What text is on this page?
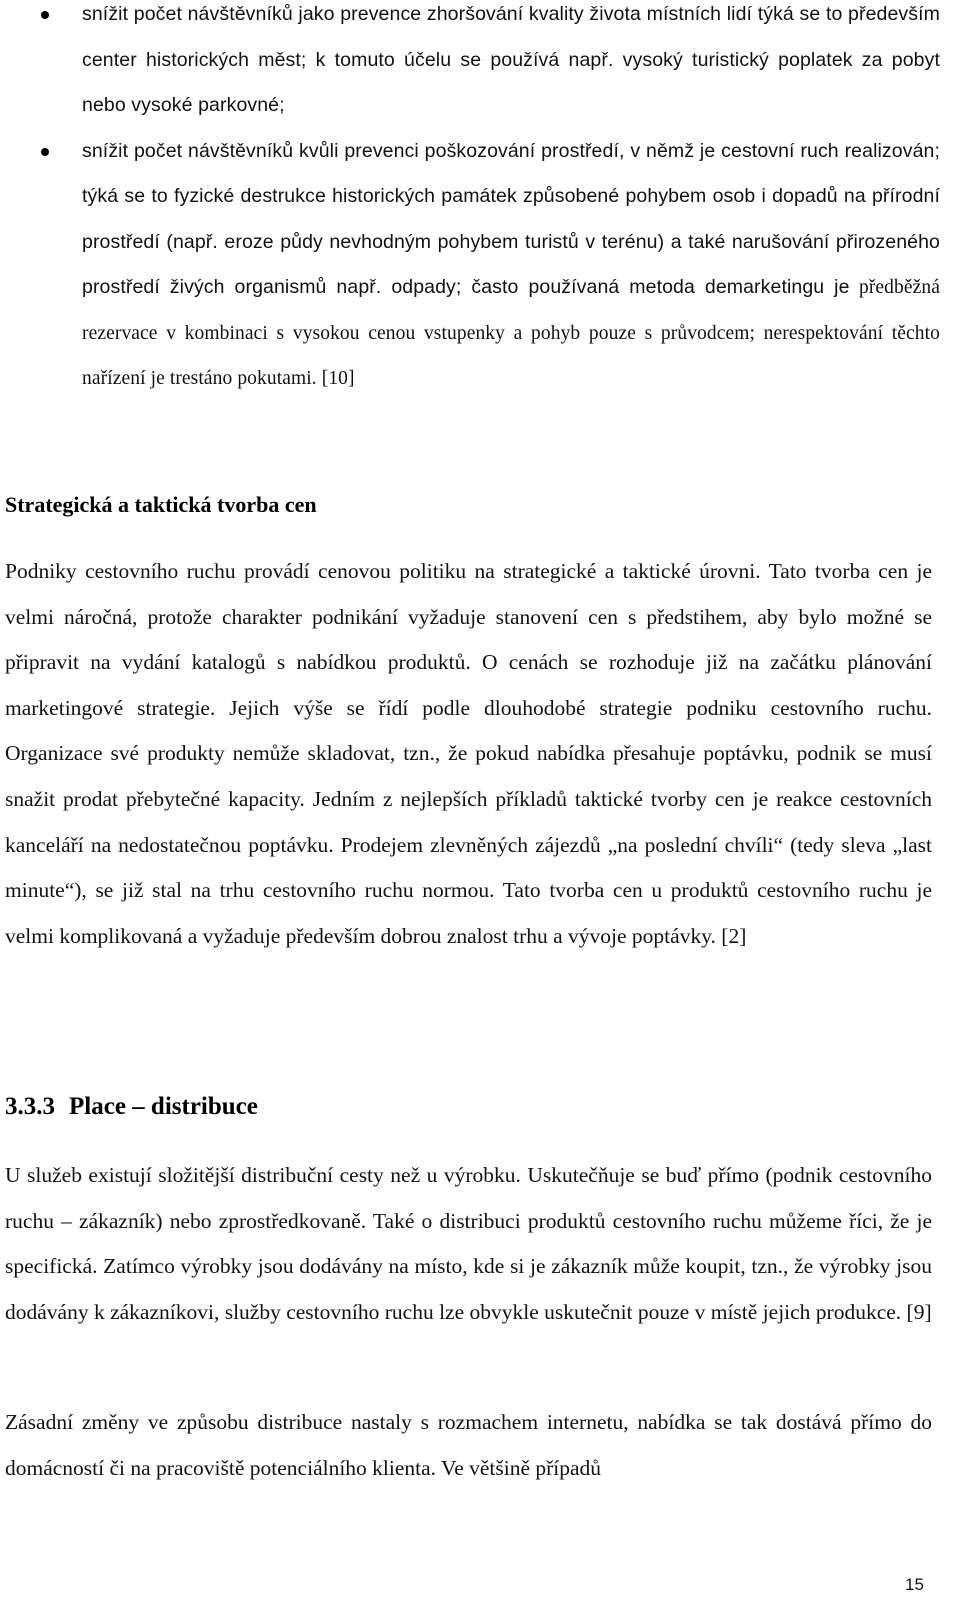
snížit počet návštěvníků jako prevence zhoršování kvality života místních lidí týká se to především center historických měst; k tomuto účelu se používá např. vysoký turistický poplatek za pobyt nebo vysoké parkovné;
snížit počet návštěvníků kvůli prevenci poškozování prostředí, v němž je cestovní ruch realizován; týká se to fyzické destrukce historických památek způsobené pohybem osob i dopadů na přírodní prostředí (např. eroze půdy nevhodným pohybem turistů v terénu) a také narušování přirozeného prostředí živých organismů např. odpady; často používaná metoda demarketingu je předběžná rezervace v kombinaci s vysokou cenou vstupenky a pohyb pouze s průvodcem; nerespektování těchto nařízení je trestáno pokutami. [10]
Strategická a taktická tvorba cen
Podniky cestovního ruchu provádí cenovou politiku na strategické a taktické úrovni. Tato tvorba cen je velmi náročná, protože charakter podnikání vyžaduje stanovení cen s předstihem, aby bylo možné se připravit na vydání katalogů s nabídkou produktů. O cenách se rozhoduje již na začátku plánování marketingové strategie. Jejich výše se řídí podle dlouhodobé strategie podniku cestovního ruchu. Organizace své produkty nemůže skladovat, tzn., že pokud nabídka přesahuje poptávku, podnik se musí snažit prodat přebytečné kapacity. Jedním z nejlepších příkladů taktické tvorby cen je reakce cestovních kanceláří na nedostatečnou poptávku. Prodejem zlevněných zájezdů „na poslední chvíli“ (tedy sleva „last minute“), se již stal na trhu cestovního ruchu normou. Tato tvorba cen u produktů cestovního ruchu je velmi komplikovaná a vyžaduje především dobrou znalost trhu a vývoje poptávky. [2]
3.3.3 Place – distribuce
U služeb existují složitější distribuční cesty než u výrobku. Uskutečňuje se buď přímo (podnik cestovního ruchu – zákazník) nebo zprostředkovaně. Také o distribuci produktů cestovního ruchu můžeme říci, že je specifická. Zatímco výrobky jsou dodávány na místo, kde si je zákazník může koupit, tzn., že výrobky jsou dodávány k zákazníkovi, služby cestovního ruchu lze obvykle uskutečnit pouze v místě jejich produkce. [9]
Zásadní změny ve způsobu distribuce nastaly s rozmachem internetu, nabídka se tak dostává přímo do domácností či na pracoviště potenciálního klienta. Ve většině případů
15
